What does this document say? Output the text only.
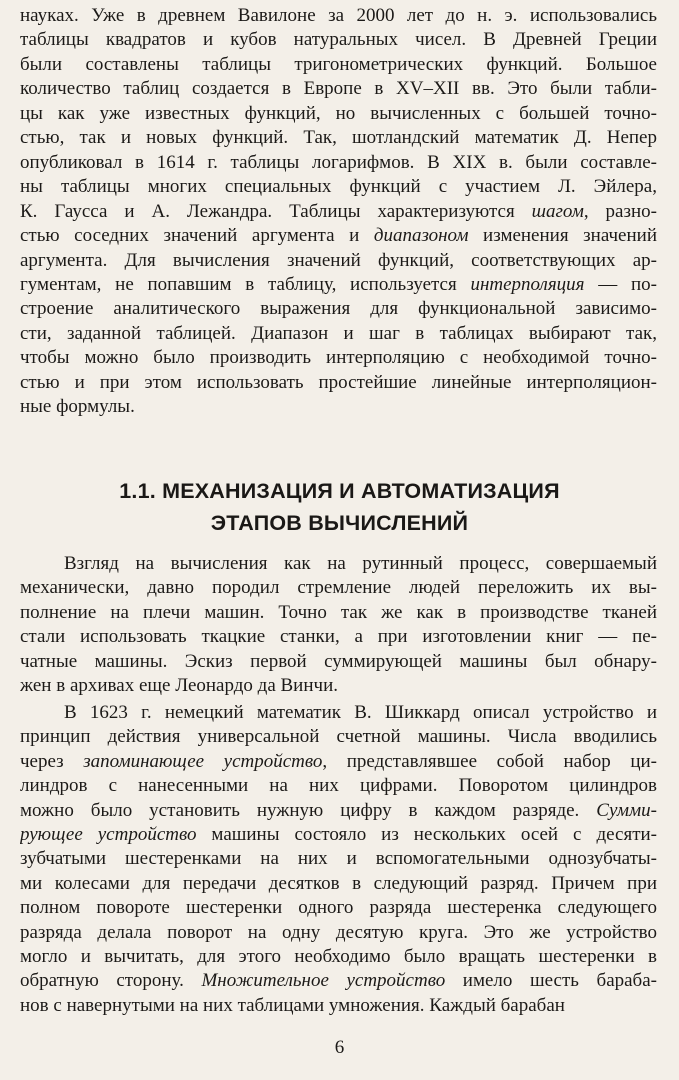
науках. Уже в древнем Вавилоне за 2000 лет до н. э. использовались
таблицы квадратов и кубов натуральных чисел. В Древней Греции
были составлены таблицы тригонометрических функций. Большое
количество таблиц создается в Европе в XV–XII вв. Это были табли-
цы как уже известных функций, но вычисленных с большей точно-
стью, так и новых функций. Так, шотландский математик Д. Непер
опубликовал в 1614 г. таблицы логарифмов. В XIX в. были составле-
ны таблицы многих специальных функций с участием Л. Эйлера,
К. Гаусса и А. Лежандра. Таблицы характеризуются шагом, разно-
стью соседних значений аргумента и диапазоном изменения значений
аргумента. Для вычисления значений функций, соответствующих ар-
гументам, не попавшим в таблицу, используется интерполяция — по-
строение аналитического выражения для функциональной зависимо-
сти, заданной таблицей. Диапазон и шаг в таблицах выбирают так,
чтобы можно было производить интерполяцию с необходимой точно-
стью и при этом использовать простейшие линейные интерполяцион-
ные формулы.
1.1. МЕХАНИЗАЦИЯ И АВТОМАТИЗАЦИЯ
ЭТАПОВ ВЫЧИСЛЕНИЙ
Взгляд на вычисления как на рутинный процесс, совершаемый
механически, давно породил стремление людей переложить их вы-
полнение на плечи машин. Точно так же как в производстве тканей
стали использовать ткацкие станки, а при изготовлении книг — пе-
чатные машины. Эскиз первой суммирующей машины был обнару-
жен в архивах еще Леонардо да Винчи.
В 1623 г. немецкий математик В. Шиккард описал устройство и
принцип действия универсальной счетной машины. Числа вводились
через запоминающее устройство, представлявшее собой набор ци-
линдров с нанесенными на них цифрами. Поворотом цилиндров
можно было установить нужную цифру в каждом разряде. Сумми-
рующее устройство машины состояло из нескольких осей с десяти-
зубчатыми шестеренками на них и вспомогательными однозубчаты-
ми колесами для передачи десятков в следующий разряд. Причем при
полном повороте шестеренки одного разряда шестеренка следующего
разряда делала поворот на одну десятую круга. Это же устройство
могло и вычитать, для этого необходимо было вращать шестеренки в
обратную сторону. Множительное устройство имело шесть бараба-
нов с навернутыми на них таблицами умножения. Каждый барабан
6
